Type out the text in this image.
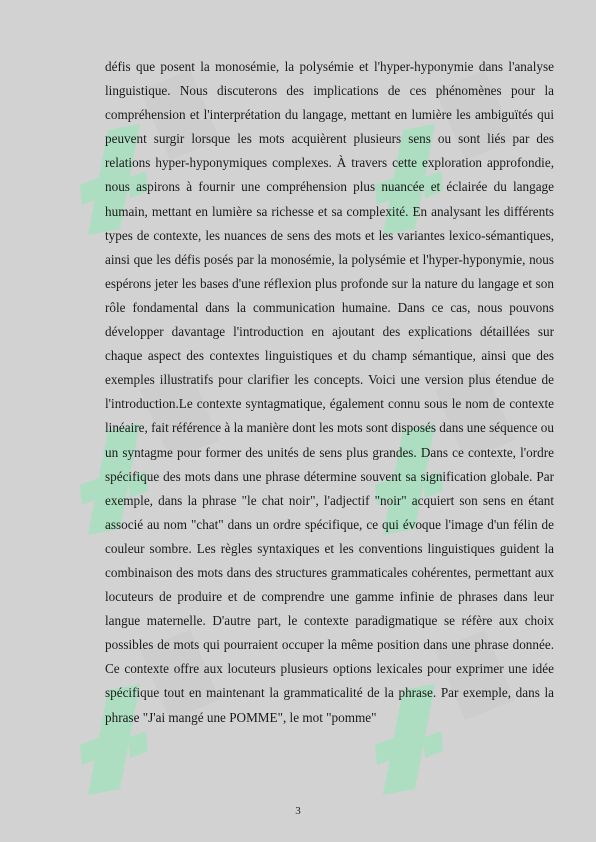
défis que posent la monosémie, la polysémie et l'hyper-hyponymie dans l'analyse linguistique. Nous discuterons des implications de ces phénomènes pour la compréhension et l'interprétation du langage, mettant en lumière les ambiguïtés qui peuvent surgir lorsque les mots acquièrent plusieurs sens ou sont liés par des relations hyper-hyponymiques complexes. À travers cette exploration approfondie, nous aspirons à fournir une compréhension plus nuancée et éclairée du langage humain, mettant en lumière sa richesse et sa complexité. En analysant les différents types de contexte, les nuances de sens des mots et les variantes lexico-sémantiques, ainsi que les défis posés par la monosémie, la polysémie et l'hyper-hyponymie, nous espérons jeter les bases d'une réflexion plus profonde sur la nature du langage et son rôle fondamental dans la communication humaine. Dans ce cas, nous pouvons développer davantage l'introduction en ajoutant des explications détaillées sur chaque aspect des contextes linguistiques et du champ sémantique, ainsi que des exemples illustratifs pour clarifier les concepts. Voici une version plus étendue de l'introduction.Le contexte syntagmatique, également connu sous le nom de contexte linéaire, fait référence à la manière dont les mots sont disposés dans une séquence ou un syntagme pour former des unités de sens plus grandes. Dans ce contexte, l'ordre spécifique des mots dans une phrase détermine souvent sa signification globale. Par exemple, dans la phrase "le chat noir", l'adjectif "noir" acquiert son sens en étant associé au nom "chat" dans un ordre spécifique, ce qui évoque l'image d'un félin de couleur sombre. Les règles syntaxiques et les conventions linguistiques guident la combinaison des mots dans des structures grammaticales cohérentes, permettant aux locuteurs de produire et de comprendre une gamme infinie de phrases dans leur langue maternelle. D'autre part, le contexte paradigmatique se réfère aux choix possibles de mots qui pourraient occuper la même position dans une phrase donnée. Ce contexte offre aux locuteurs plusieurs options lexicales pour exprimer une idée spécifique tout en maintenant la grammaticalité de la phrase. Par exemple, dans la phrase "J'ai mangé une POMME", le mot "pomme"

3
